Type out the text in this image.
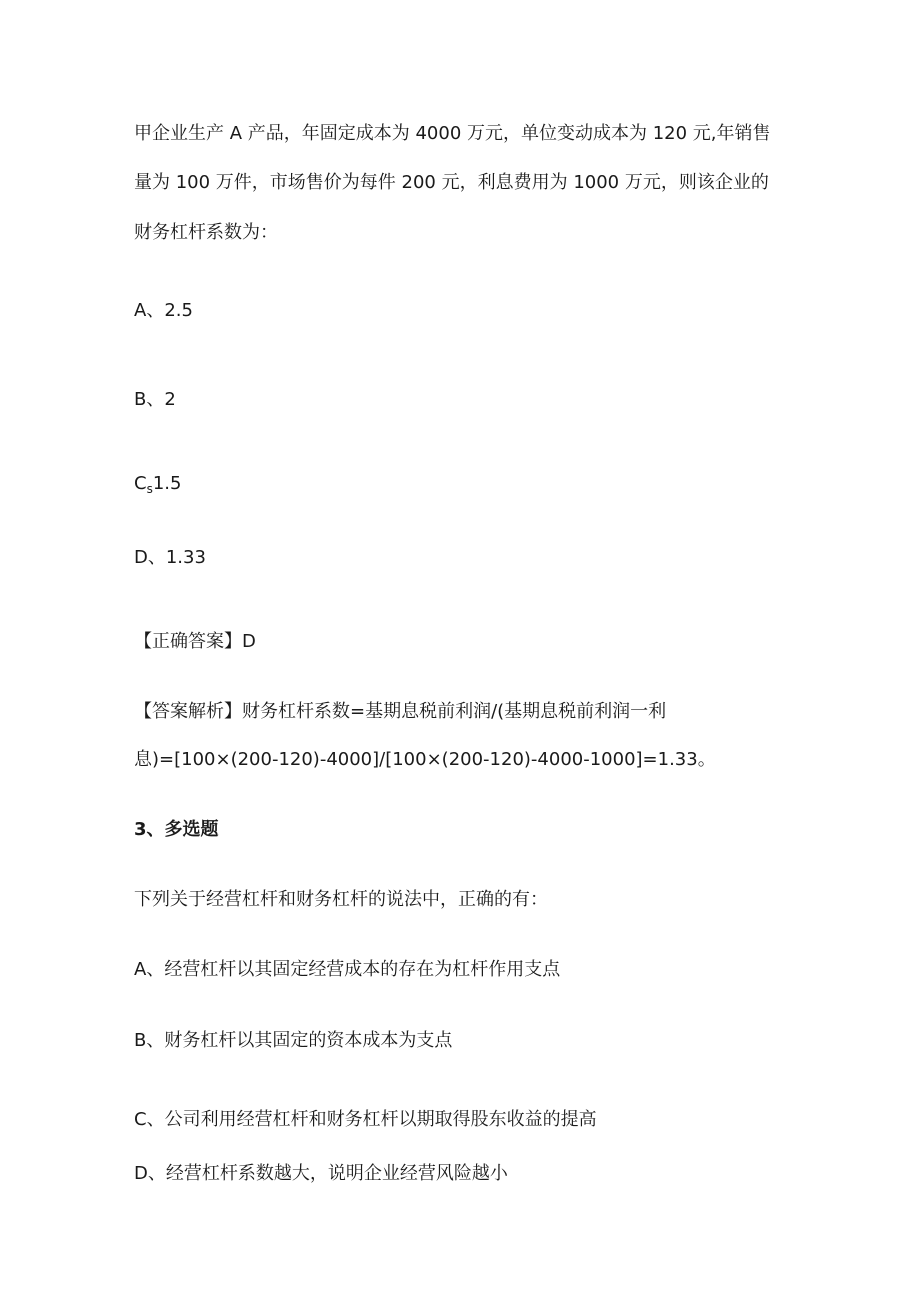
甲企业生产 A 产品，年固定成本为 4000 万元，单位变动成本为 120 元,年销售
量为 100 万件，市场售价为每件 200 元，利息费用为 1000 万元，则该企业的
财务杠杆系数为：
A、2.5
B、2
$C_s1.5$
D、1.33
【正确答案】D
【答案解析】财务杠杆系数=基期息税前利润/(基期息税前利润一利
息)=[100×(200-120)-4000]/[100×(200-120)-4000-1000]=1.33。
3、多选题
下列关于经营杠杆和财务杠杆的说法中，正确的有：
A、经营杠杆以其固定经营成本的存在为杠杆作用支点
B、财务杠杆以其固定的资本成本为支点
C、公司利用经营杠杆和财务杠杆以期取得股东收益的提高
D、经营杠杆系数越大，说明企业经营风险越小
